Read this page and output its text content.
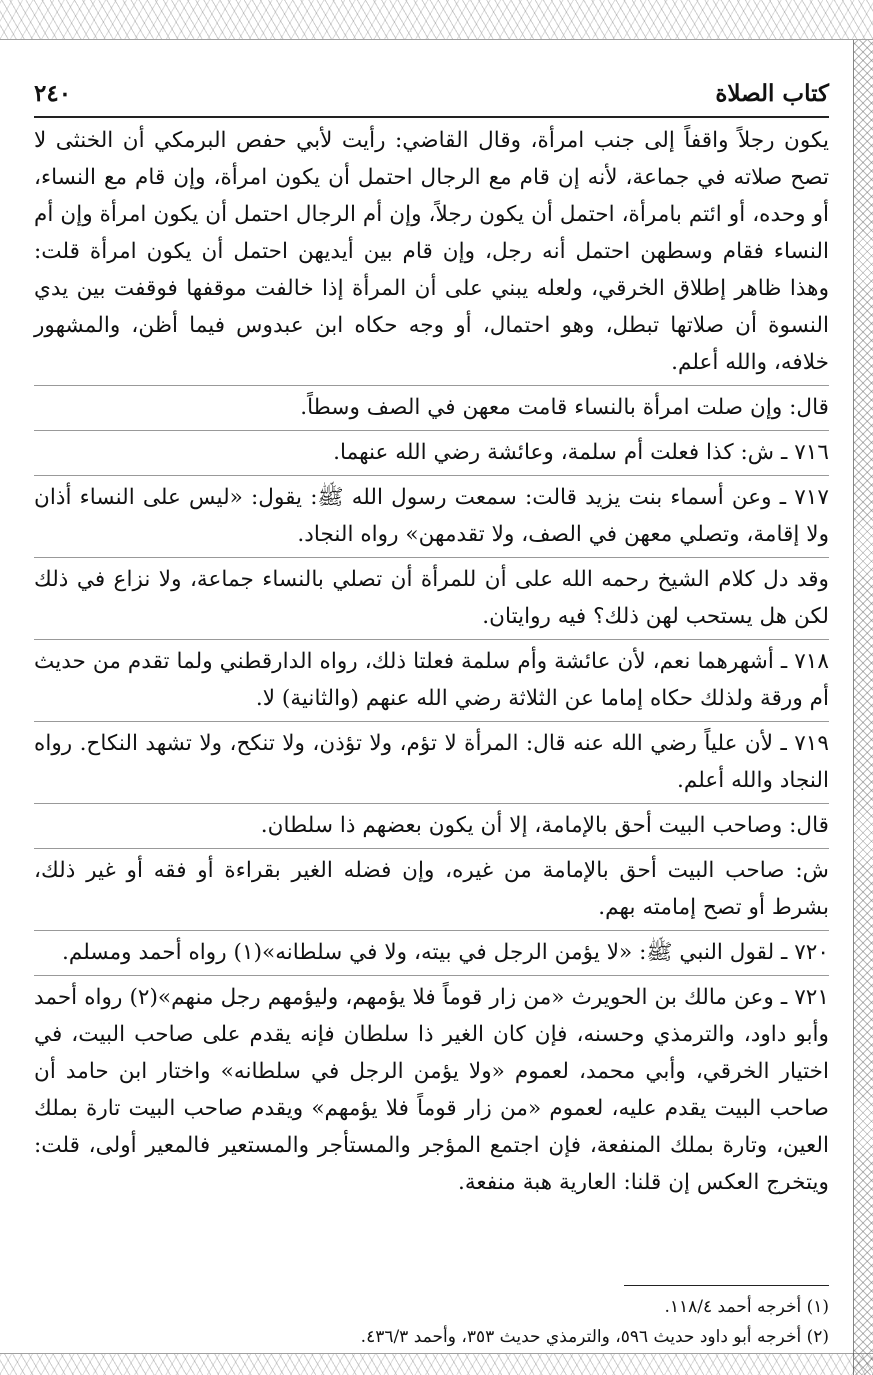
كتاب الصلاة
٢٤٠

يكون رجلاً واقفاً إلى جنب امرأة، وقال القاضي: رأيت لأبي حفص البرمكي أن الخنثى لا تصح صلاته في جماعة، لأنه إن قام مع الرجال احتمل أن يكون امرأة، وإن قام مع النساء، أو وحده، أو ائتم بامرأة، احتمل أن يكون رجلاً، وإن أم الرجال احتمل أن يكون امرأة وإن أم النساء فقام وسطهن احتمل أنه رجل، وإن قام بين أيديهن احتمل أن يكون امرأة قلت: وهذا ظاهر إطلاق الخرقي، ولعله يبني على أن المرأة إذا خالفت موقفها فوقفت بين يدي النسوة أن صلاتها تبطل، وهو احتمال، أو وجه حكاه ابن عبدوس فيما أظن، والمشهور خلافه، والله أعلم.

قال: وإن صلت امرأة بالنساء قامت معهن في الصف وسطاً.

٧١٦ ـ ش: كذا فعلت أم سلمة، وعائشة رضي الله عنهما.

٧١٧ ـ وعن أسماء بنت يزيد قالت: سمعت رسول الله ﷺ: يقول: «ليس على النساء أذان ولا إقامة، وتصلي معهن في الصف، ولا تقدمهن» رواه النجاد.

وقد دل كلام الشيخ رحمه الله على أن للمرأة أن تصلي بالنساء جماعة، ولا نزاع في ذلك لكن هل يستحب لهن ذلك؟ فيه روايتان.

٧١٨ ـ أشهرهما نعم، لأن عائشة وأم سلمة فعلتا ذلك، رواه الدارقطني ولما تقدم من حديث أم ورقة ولذلك حكاه إماما عن الثلاثة رضي الله عنهم (والثانية) لا.

٧١٩ ـ لأن علياً رضي الله عنه قال: المرأة لا تؤم، ولا تؤذن، ولا تنكح، ولا تشهد النكاح. رواه النجاد والله أعلم.

قال: وصاحب البيت أحق بالإمامة، إلا أن يكون بعضهم ذا سلطان.

ش: صاحب البيت أحق بالإمامة من غيره، وإن فضله الغير بقراءة أو فقه أو غير ذلك، بشرط أو تصح إمامته بهم.

٧٢٠ ـ لقول النبي ﷺ: «لا يؤمن الرجل في بيته، ولا في سلطانه»(١) رواه أحمد ومسلم.

٧٢١ ـ وعن مالك بن الحويرث «من زار قوماً فلا يؤمهم، وليؤمهم رجل منهم»(٢) رواه أحمد وأبو داود، والترمذي وحسنه، فإن كان الغير ذا سلطان فإنه يقدم على صاحب البيت، في اختيار الخرقي، وأبي محمد، لعموم «ولا يؤمن الرجل في سلطانه» واختار ابن حامد أن صاحب البيت يقدم عليه، لعموم «من زار قوماً فلا يؤمهم» ويقدم صاحب البيت تارة بملك العين، وتارة بملك المنفعة، فإن اجتمع المؤجر والمستأجر والمستعير فالمعير أولى، قلت: ويتخرج العكس إن قلنا: العارية هبة منفعة.

(١) أخرجه أحمد ١١٨/٤.

(٢) أخرجه أبو داود حديث ٥٩٦، والترمذي حديث ٣٥٣، وأحمد ٤٣٦/٣.
